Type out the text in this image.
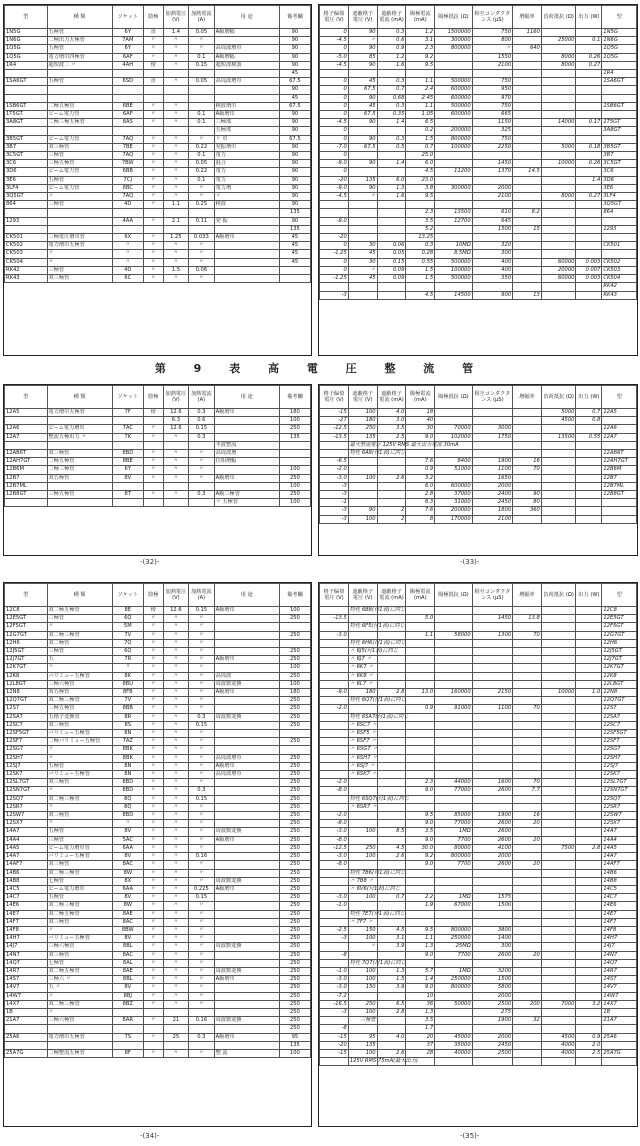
型	種 類	ソケット	陰極	加熱電圧 (V)	加熱電流 (A)	用 途	備考欄
1N5G	五極管	6Y	直	1.4	0.05	A級増幅	90
1N6G	二極出力五極管	7AM	〃	〃	〃		90
1Q5G	五極管	6Y	〃	〃	〃	高周波増巾	90
1Q5G	電力増巾四極管	6AF	〃	〃	0.1	A級増幅	90
1R4	超短波二 〃	4AH	傍	〃	0.15	超短波検波	90
							45
1SA6GT	五極管	6SD	直	〃	0.05	高周波増巾	67.5
							90
							45
1SB6GT	二極五極管	6BE	〃	〃		検波増巾	67.5
1T5GT	ビーム電力管	6AF	〃	〃	0.1	A級増巾	90
3A8GT	二極三極五極管	8AS	〃	〃	0.1	三極部	90
						五極部	90
3B5GT	ビーム電力管	7AQ	〃	〃	〃	〃 巾	67.5
3B7	双三極管	7BE	〃	〃	0.22	発振増巾	90
3C5GT	三極管	7AQ	〃	〃	0.1	電力	90
3C6	三極五極管	7BW	〃	〃	0.05	混合	90
3D6	ビーム電力管	6BB	〃	〃	0.22	電力	90
3E6	五極管	7CJ	〃	〃	0.1	電力	90
3LF4	ビーム電力管	6BC	〃	〃	〃	電力増	90
3Q5GT	〃	7AQ	〃	〃	〃	〃	90
864	三極管	4D	〃	1.1	0.25	検波	90
							135
1293		4AA	〃	2.1	0.11	発 振	90
							135
CK501	三極電圧増巾管	6X	〃	1.25	0.033	A級増巾	45
CK502	電力増巾五極管	〃	〃	〃	〃		45
CK503	〃	〃	〃	〃	〃		45
CK504	〃	〃	〃	〃	〃		45
RK42	三極管	4D	〃	1.5	0.06		
RK43	双三極管	6C	〃	〃	〃		
格子偏倚電圧 (V)	遮蔽格子電圧 (V)	遮蔽格子電流 (mA)	陽極電流 (mA)	陽極抵抗 (Ω)	相互コンダクタンス (μS)	増幅率	負荷抵抗 (Ω)	出力 (W)	型
0	90	0.3	1.2	1500000	750	1160			1N5G
-4.5	〃	0.6	3.1	300000	800		25000	0.1	1N6G
0	90	0.9	2.3	800000	〃	640			1Q5G
-5.0	85	1.2	9.2		1550		8000	0.26	1Q5G
-4.5	90	1.6	9.5		2100		8000	0.27	
									1R4
0	45	0.3	1.1	500000	750				1SA6GT
0	67.5	0.7	2.4	600000	950				
0	90	0.68	2.45	600000	970				
0	45	0.3	1.1	500000	750				1SB6GT
0	67.5	0.35	1.05	600000	665				
-4.5	90	1.4	6.5		1150		14000	0.17	1T5GT
0			0.2	200000	325				3A8GT
0	90	0.3	1.5	800000	750				
-7.0	67.5	0.5	0.7	100000	2250		5000	0.18	3B5GT
0			25.0						3B7
-9.0	90	1.4	6.0		1450		10000	0.26	3C5GT
0			4.5	11200	1370	14.5			3C6
-20	135	6.0	23.0					1.4	3D6
-9.0	90	1.3	3.8	300000	2000				3E6
-4.5	〃	1.6	9.5		2100		8000	0.27	3LF4
									3Q5GT
			2.3	13500	610	8.2			864
-9.0			3.5	12700	645				
			5.2		1500	15			1293
-20			13.25						
0	30	0.06	0.3	10MΩ	320				CK501
-1.25	45	0.05	0.28	8.5MΩ	300				
0	30	0.15	0.55	500000	400		60000	0.003	CK502
0	〃	0.09	1.5	100000	400		20000	0.007	CK503
-1.25	45	0.09	1.5	500000	350		60000	0.003	CK504
									RK42
-3			4.5	14500	900	13			RK43
第 9 表 高 電 圧 整 流 管
型	種 類	ソケット	陰極	加熱電圧 (V)	加熱電流 (A)	用 途	備考欄
12A5	電力増巾五極管	7F	傍	12.6	0.3	A級増巾	180
				6.3	0.6		100
12A6	ビーム電力増巾	7AC	〃	12.6	0.15		250
12A7	整流五極出力 〃	7K	〃	〃	0.3		135
						半波整流	
12AB6T	双三極管	8BD	〃	〃	〃	高周波増	
12AH7GT	二極五極管	8BE	〃	〃	〃	位相増幅	
12B6M	二極三極管	6Y	〃	〃	〃		100
12B7	双五極管	8V	〃	〃	〃	A級増巾	250
12B7ML							100
12B8GT	三極五極管	8T	〃	〃	0.3	A級三極管	250
						〃 五極管	100
格子偏倚電圧 (V)	遮蔽格子電圧 (V)	遮蔽格子電流 (mA)	陽極電流 (mA)	陽極抵抗 (Ω)	相互コンダクタンス (μS)	増幅率	負荷抵抗 (Ω)	出力 (W)	型
-15	100	4.0	18				5000	0.7	12A5
-27	180	3.0	40				4500	0.8	
-12.5	250	3.5	30	70000	3000				12A6
-13.5	135	2.5	9.0	102000	1750		13500	0.55	12A7
	最大整流電圧 125V RMS 最大出力電流 30mA								
	特性 6A8(付1表)に同じ								12AB6T
-6.5			7.6	8400	1900	16			12AH7GT
-2.0			0.9	51000	1100	70			12B6M
-3.0	100	2.6	3.2		1650				12B7
-3			6.0	600000	2000				12B7ML
-3			2.8	37000	2400	90			12B8GT
-1			6.3	31000	2450	80			
-3	90	2	7.6	200000	1800	360			
-3	100	2	8	170000	2100				
-(32)-	-(33)-
型	種 類	ソケット	陰極	加熱電圧 (V)	加熱電流 (A)	用 途	備考欄
12C8	双二極五極管	8E	傍	12.6	0.15	A級増巾	100
12E5GT	三極管	6Q	〃	〃	〃		250
12F5GT	〃	5M	〃	〃	〃		
12G7GT	双二極三極管	7V	〃	〃	〃		250
12H6	双二極管	7Q	〃	〃	〃		
12J5GT	三極管	6Q	〃	〃	〃		250
12J7GT	五	7R	〃	〃	〃	A級増巾	250
12K7GT	〃	〃	〃	〃	〃		100
12K8	バリミュー五極管	8K	〃	〃	〃	高周波	250
12L8GT	三極六極管	8BU	〃	〃	〃	周波数変換	100
12N8	双五極管	8FB	〃	〃	〃	A級増巾	180
12Q7GT	双二極三極管	7V	〃	〃	〃		250
12S7	三極五極管	8BB	〃	〃	〃		250
12SA7	五格子変換管	8R	〃	〃	0.3	周波数変換	250
12SC7	双三極管	8S	〃	〃	0.15		250
12SF5GT	バリミュー五極管	8N	〃	〃	〃		
12SF7	二極バリミュー五極管	7AZ	〃	〃	〃		250
12SG7	〃	8BK	〃	〃	〃		
12SH7	〃	8BK	〃	〃	〃	高周波増巾	250
12SJ7	五極管	8N	〃	〃	〃	A級増巾	250
12SK7	バリミュー五極管	8N	〃	〃	〃	高周波増巾	250
12SL7GT	双三極管	8BD	〃	〃	〃		250
12SN7GT	〃	8BD	〃	〃	0.3		250
12SQ7	双二極三極管	8Q	〃	〃	0.15		250
12SR7	〃	8Q	〃	〃	〃		250
12SW7	双三極管	8BD	〃	〃	〃		250
12SX7	〃	〃	〃	〃	〃		250
14A7	五極管	8V	〃	〃	〃	周波数変換	250
14A4	三極管	5AC	〃	〃	〃	A級増巾	250
14A5	ビーム電力増巾管	6AA	〃	〃	〃		250
14A7	バリミュー五極管	8V	〃	〃	0.16		250
14AF7	双三極管	8AC	〃	〃	〃		250
14B6	双二極三極管	8W	〃	〃	〃		250
14B8	七極管	8X	〃	〃	〃	周波数変換	250
14C5	ビーム電力増巾	6AA	〃	〃	0.225	A級増巾	250
14C7	五極管	8V	〃	〃	0.15		250
14E6	双二極三極管	8W	〃	〃	〃		250
14E7	双二極五極管	8AE	〃	〃	〃		250
14F7	双三極管	8AC	〃	〃	〃		250
14F8	〃	8BW	〃	〃	〃		250
14H7	バリミュー五極管	8V	〃	〃	〃		250
14J7	三極六極管	8BL	〃	〃	〃	周波数変換	250
14N7	双三極管	8AC	〃	〃	〃		250
14Q7	七極管	8AL	〃	〃	〃		250
14R7	双二極五極管	8AE	〃	〃	〃	周波数変換	250
14S7	三極六 〃	8BL	〃	〃	〃	A級増巾	250
14V7	五 〃	8V	〃	〃	〃		250
14W7	〃	8BJ	〃	〃	〃		250
14X7	双二極三極管	8BZ	〃	〃	〃		250
1B	〃						250
21A7	三極六極管	8AR	〃	21	0.16	周波数変換	250
							250
25A6	電力増巾五極管	7S	〃	25	0.3	A級増巾	95
							135
25A7G	二極整流五極管	8F	〃	〃	〃	整 流	100
格子偏倚電圧 (V)	遮蔽格子電圧 (V)	遮蔽格子電流 (mA)	陽極電流 (mA)	陽極抵抗 (Ω)	相互コンダクタンス (μS)	増幅率	負荷抵抗 (Ω)	出力 (W)	型
	特性 6B8(付1表)に同じ								12C8
-13.5			5.0		1450	13.8			12E5GT
	特性 6F5(付1表)に同じ								12F5GT
-3.0			1.1	58000	1300	70			12G7GT
	特性 6H6(付1表)に同じ								12H6
	〃 6J5(付1表)に同じ								12J5GT
	〃 6J7 〃								12J7GT
	〃 6K7 〃								12K7GT
	〃 6K8 〃								12K8
	〃 6L7 〃								12L8GT
-9.0	180	2.8	13.0	160000	2150		10000	1.0	12N8
	特性 6Q7(付1表)に同じ								12Q7GT
-2.0			0.9	91000	1100	70			12S7
	特性 6SA7(付1表)に同じ								12SA7
	〃 6SC7 〃								12SC7
	〃 6SF5 〃								12SF5GT
	〃 6SF7 〃								12SF7
	〃 6SG7 〃								12SG7
	〃 6SH7 〃								12SH7
	〃 6SJ7 〃								12SJ7
	〃 6SK7 〃								12SK7
-2.0			2.3	44000	1600	70			12SL7GT
-8.0			9.0	77000	2600	7.7			12SN7GT
	特性 6SQ7(付1表)に同じ								12SQ7
	〃 6SR7 〃								12SR7
-2.0			9.5	85000	1900	16			12SW7
-8.0			9.0	77000	2600	20			12SX7
-3.0	100	8.5	3.5	1MΩ	2600				14A7
-8.0			9.0	7700	2600	20			14A4
-12.5	250	4.5	30.0	80000	4100		7500	2.8	14A5
-3.0	100	2.6	9.2	800000	2000				14A7
-8.0			9.0	7700	2600	20			14AF7
	特性 7B6(付1表)に同じ								14B6
	〃 7B8 〃								14B8
	〃 6V6(付1表)に同じ								14C5
-3.0	100	0.7	2.2	1MΩ	1575				14C7
-1.0			1.9	67000	1500				14E6
	特性 7E7(付1表)に同じ								14E7
	〃 7F7 〃								14F7
-2.5	150	4.5	9.5	800000	3800				14F8
-3	100	3.1	1.1	250000	1400				14H7
	〃	3.9	1.3	25MΩ	300				14J7
-8			9.0	7700	2600	20			14N7
	特性 7Q7(付1表)に同じ								14Q7
-1.0	100	1.3	5.7	1MΩ	3200				14R7
-3.0	100	1.5	1.4	250000	1500				14S7
-3.0	150	3.9	9.0	800000	5800				14V7
-7.2			10		2000				14W7
-16.5	250	6.5	36	50000	2500	200	7000	3.2	14X7
-3	100	2.8	1.3		275				1B
	三極管		3.5		1900	32			21A7
-8			1.7						
-15	95	4.0	20	45000	2000		4500	0.9	25A6
-20	135		37	35000	2450		4000	2.0	
-15	100	2.6	28	40000	2500		4000	2.5	25A7G
	125V RMS 75mA(最大出力)								
-(34)-	-(35)-
